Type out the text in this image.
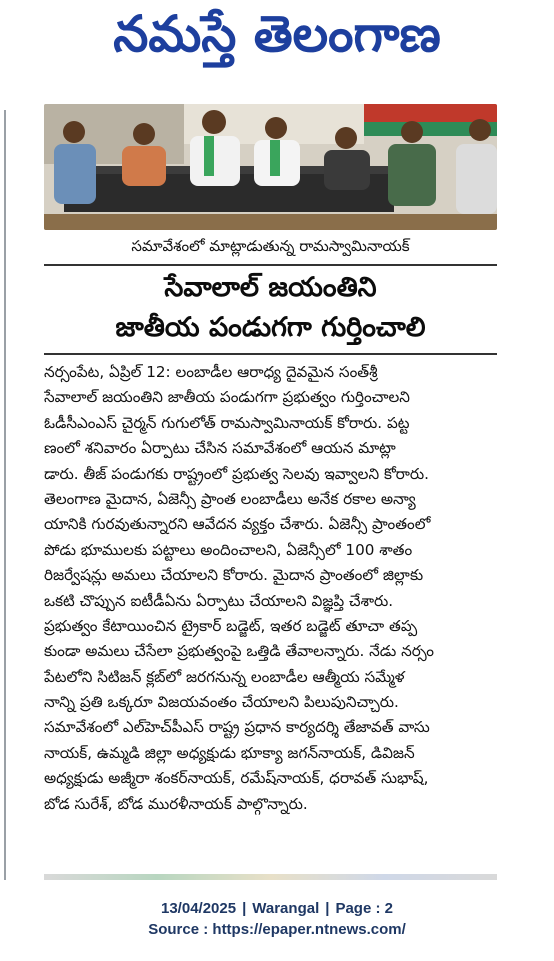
నమస్తే తెలంగాణ
సమావేశంలో మాట్లాడుతున్న రామస్వామినాయక్
సేవాలాల్ జయంతిని
జాతీయ పండుగగా గుర్తించాలి
నర్సంపేట, ఏప్రిల్ 12: లంబాడీల ఆరాధ్య దైవమైన సంత్‌శ్రీ
సేవాలాల్ జయంతిని జాతీయ పండుగగా ప్రభుత్వం గుర్తించాలని
ఓడీసీఎంఎస్ చైర్మన్ గుగులోత్ రామస్వామినాయక్ కోరారు. పట్ట
ణంలో శనివారం ఏర్పాటు చేసిన సమావేశంలో ఆయన మాట్లా
డారు. తీజ్ పండుగకు రాష్ట్రంలో ప్రభుత్వ సెలవు ఇవ్వాలని కోరారు.
తెలంగాణ మైదాన, ఏజెన్సీ ప్రాంత లంబాడీలు అనేక రకాల అన్యా
యానికి గురవుతున్నారని ఆవేదన వ్యక్తం చేశారు. ఏజెన్సీ ప్రాంతంలో
పోడు భూములకు పట్టాలు అందించాలని, ఏజెన్సీలో 100 శాతం
రిజర్వేషన్లు అమలు చేయాలని కోరారు. మైదాన ప్రాంతంలో జిల్లాకు
ఒకటి చొప్పున ఐటీడీఏను ఏర్పాటు చేయాలని విజ్ఞప్తి చేశారు.
ప్రభుత్వం కేటాయించిన ట్రైకార్ బడ్జెట్, ఇతర బడ్జెట్ తూచా తప్ప
కుండా అమలు చేసేలా ప్రభుత్వంపై ఒత్తిడి తేవాలన్నారు. నేడు నర్సం
పేటలోని సిటిజన్ క్లబ్‌లో జరగనున్న లంబాడీల ఆత్మీయ సమ్మేళ
నాన్ని ప్రతి ఒక్కరూ విజయవంతం చేయాలని పిలుపునిచ్చారు.
సమావేశంలో ఎల్‌హెచ్‌పీఎస్ రాష్ట్ర ప్రధాన కార్యదర్శి తేజావత్ వాసు
నాయక్, ఉమ్మడి జిల్లా అధ్యక్షుడు భూక్యా జగన్‌నాయక్, డివిజన్
అధ్యక్షుడు అజ్మీరా శంకర్‌నాయక్, రమేష్‌నాయక్, ధరావత్ సుభాష్,
బోడ సురేశ్, బోడ మురళీనాయక్ పాల్గొన్నారు.
13/04/2025 | Warangal | Page : 2
Source : https://epaper.ntnews.com/
